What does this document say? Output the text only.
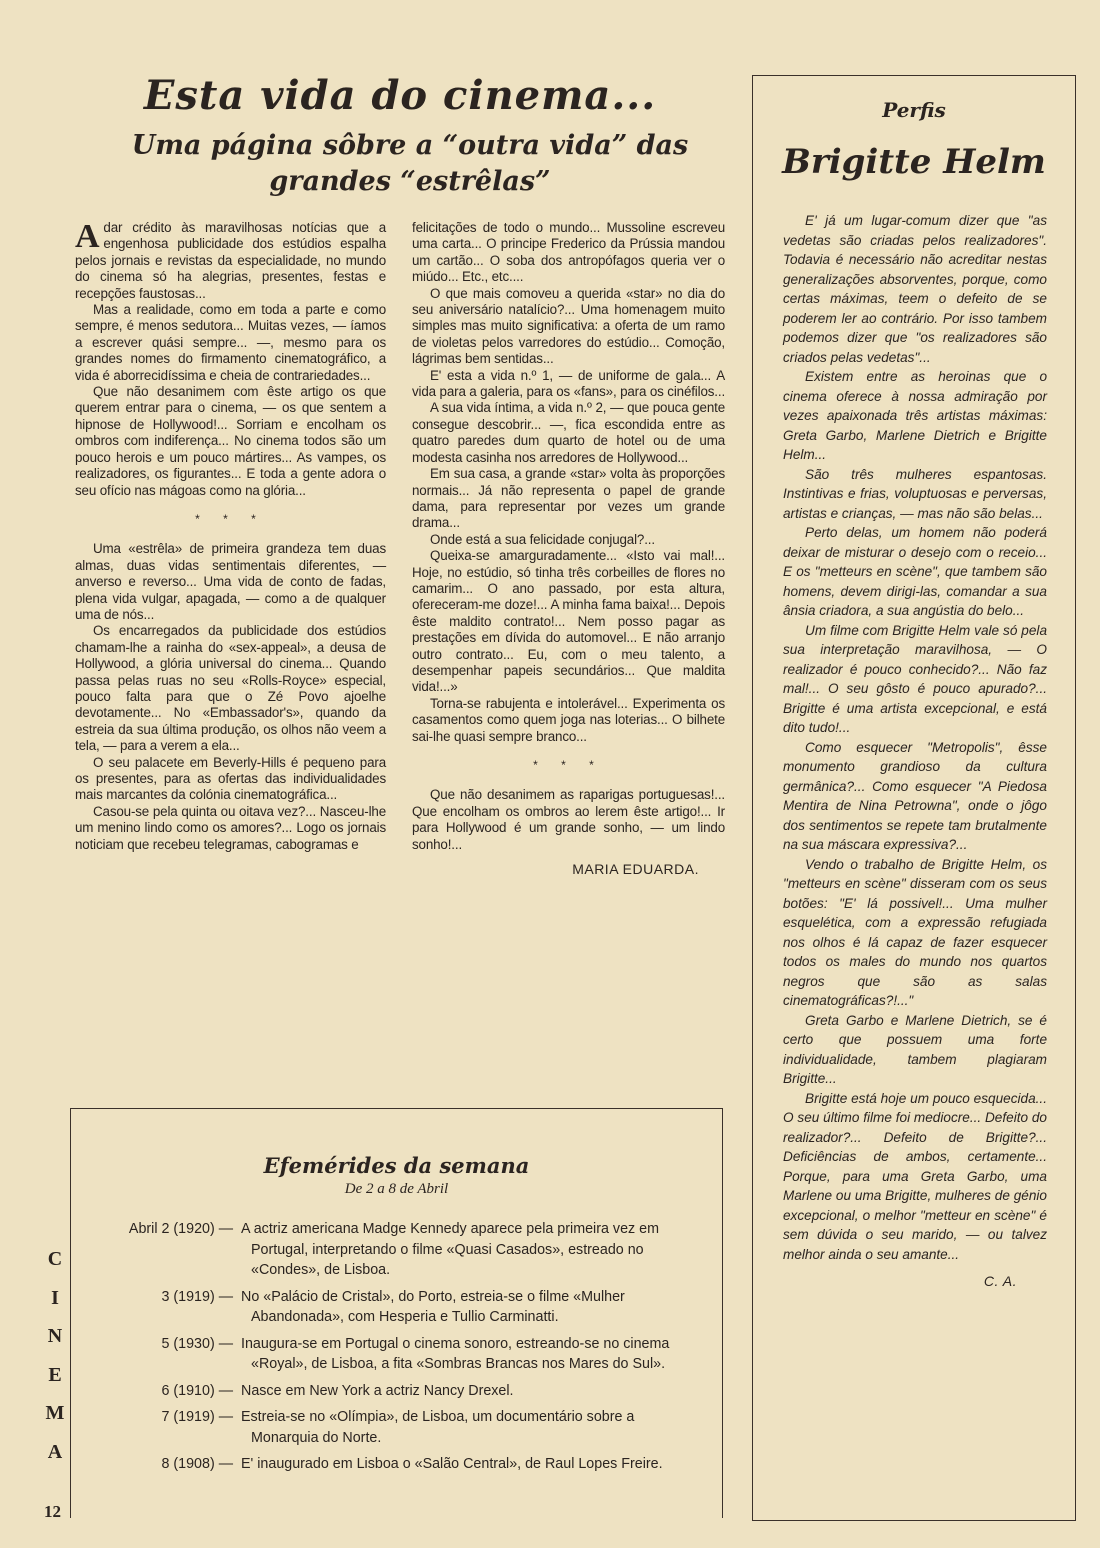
Esta vida do cinema...
Uma página sôbre a “outra vida” das grandes “estrêlas”

Adar crédito às maravilhosas notícias que a engenhosa publicidade dos estúdios espalha pelos jornais e revistas da especialidade, no mundo do cinema só ha alegrias, presentes, festas e recepções faustosas...

Mas a realidade, como em toda a parte e como sempre, é menos sedutora... Muitas vezes, — íamos a escrever quási sempre... —, mesmo para os grandes nomes do firmamento cinematográfico, a vida é aborrecidíssima e cheia de contrariedades...

Que não desanimem com êste artigo os que querem entrar para o cinema, — os que sentem a hipnose de Hollywood!... Sorriam e encolham os ombros com indiferença... No cinema todos são um pouco herois e um pouco mártires... As vampes, os realizadores, os figurantes... E toda a gente adora o seu ofício nas mágoas como na glória...

* * *

Uma «estrêla» de primeira grandeza tem duas almas, duas vidas sentimentais diferentes, — anverso e reverso... Uma vida de conto de fadas, plena vida vulgar, apagada, — como a de qualquer uma de nós...

Os encarregados da publicidade dos estúdios chamam-lhe a rainha do «sex-appeal», a deusa de Hollywood, a glória universal do cinema... Quando passa pelas ruas no seu «Rolls-Royce» especial, pouco falta para que o Zé Povo ajoelhe devotamente... No «Embassador's», quando da estreia da sua última produção, os olhos não veem a tela, — para a verem a ela...

O seu palacete em Beverly-Hills é pequeno para os presentes, para as ofertas das individualidades mais marcantes da colónia cinematográfica...

Casou-se pela quinta ou oitava vez?... Nasceu-lhe um menino lindo como os amores?... Logo os jornais noticiam que recebeu telegramas, cabogramas e

felicitações de todo o mundo... Mussoline escreveu uma carta... O principe Frederico da Prússia mandou um cartão... O soba dos antropófagos queria ver o miúdo... Etc., etc....

O que mais comoveu a querida «star» no dia do seu aniversário natalício?... Uma homenagem muito simples mas muito significativa: a oferta de um ramo de violetas pelos varredores do estúdio... Comoção, lágrimas bem sentidas...

E' esta a vida n.º 1, — de uniforme de gala... A vida para a galeria, para os «fans», para os cinéfilos...

A sua vida íntima, a vida n.º 2, — que pouca gente consegue descobrir... —, fica escondida entre as quatro paredes dum quarto de hotel ou de uma modesta casinha nos arredores de Hollywood...

Em sua casa, a grande «star» volta às proporções normais... Já não representa o papel de grande dama, para representar por vezes um grande drama...

Onde está a sua felicidade conjugal?...

Queixa-se amarguradamente... «Isto vai mal!... Hoje, no estúdio, só tinha três corbeilles de flores no camarim... O ano passado, por esta altura, ofereceram-me doze!... A minha fama baixa!... Depois êste maldito contrato!... Nem posso pagar as prestações em dívida do automovel... E não arranjo outro contrato... Eu, com o meu talento, a desempenhar papeis secundários... Que maldita vida!...»

Torna-se rabujenta e intolerável... Experimenta os casamentos como quem joga nas loterias... O bilhete sai-lhe quasi sempre branco...

* * *

Que não desanimem as raparigas portuguesas!... Que encolham os ombros ao lerem êste artigo!... Ir para Hollywood é um grande sonho, — um lindo sonho!...

MARIA EDUARDA.
Perfis
Brigitte Helm

E' já um lugar-comum dizer que "as vedetas são criadas pelos realizadores". Todavia é necessário não acreditar nestas generalizações absorventes, porque, como certas máximas, teem o defeito de se poderem ler ao contrário. Por isso tambem podemos dizer que "os realizadores são criados pelas vedetas"...

Existem entre as heroinas que o cinema oferece à nossa admiração por vezes apaixonada três artistas máximas: Greta Garbo, Marlene Dietrich e Brigitte Helm...

São três mulheres espantosas. Instintivas e frias, voluptuosas e perversas, artistas e crianças, — mas não são belas...

Perto delas, um homem não poderá deixar de misturar o desejo com o receio... E os "metteurs en scène", que tambem são homens, devem dirigi-las, comandar a sua ânsia criadora, a sua angústia do belo...

Um filme com Brigitte Helm vale só pela sua interpretação maravilhosa, — O realizador é pouco conhecido?... Não faz mal!... O seu gôsto é pouco apurado?... Brigitte é uma artista excepcional, e está dito tudo!...

Como esquecer "Metropolis", êsse monumento grandioso da cultura germânica?... Como esquecer "A Piedosa Mentira de Nina Petrowna", onde o jôgo dos sentimentos se repete tam brutalmente na sua máscara expressiva?...

Vendo o trabalho de Brigitte Helm, os "metteurs en scène" disseram com os seus botões: "E' lá possivel!... Uma mulher esquelética, com a expressão refugiada nos olhos é lá capaz de fazer esquecer todos os males do mundo nos quartos negros que são as salas cinematográficas?!..."

Greta Garbo e Marlene Dietrich, se é certo que possuem uma forte individualidade, tambem plagiaram Brigitte...

Brigitte está hoje um pouco esquecida... O seu último filme foi mediocre... Defeito do realizador?... Defeito de Brigitte?... Deficiências de ambos, certamente... Porque, para uma Greta Garbo, uma Marlene ou uma Brigitte, mulheres de génio excepcional, o melhor "metteur en scène" é sem dúvida o seu marido, — ou talvez melhor ainda o seu amante...

C. A.
Efemérides da semana
De 2 a 8 de Abril
Abril 2 (1920) — A actriz americana Madge Kennedy aparece pela primeira vez em Portugal, interpretando o filme «Quasi Casados», estreado no «Condes», de Lisboa.
3 (1919) — No «Palácio de Cristal», do Porto, estreia-se o filme «Mulher Abandonada», com Hesperia e Tullio Carminatti.
5 (1930) — Inaugura-se em Portugal o cinema sonoro, estreando-se no cinema «Royal», de Lisboa, a fita «Sombras Brancas nos Mares do Sul».
6 (1910) — Nasce em New York a actriz Nancy Drexel.
7 (1919) — Estreia-se no «Olímpia», de Lisboa, um documentário sobre a Monarquia do Norte.
8 (1908) — E' inaugurado em Lisboa o «Salão Central», de Raul Lopes Freire.
C
I
N
E
M
A
12
